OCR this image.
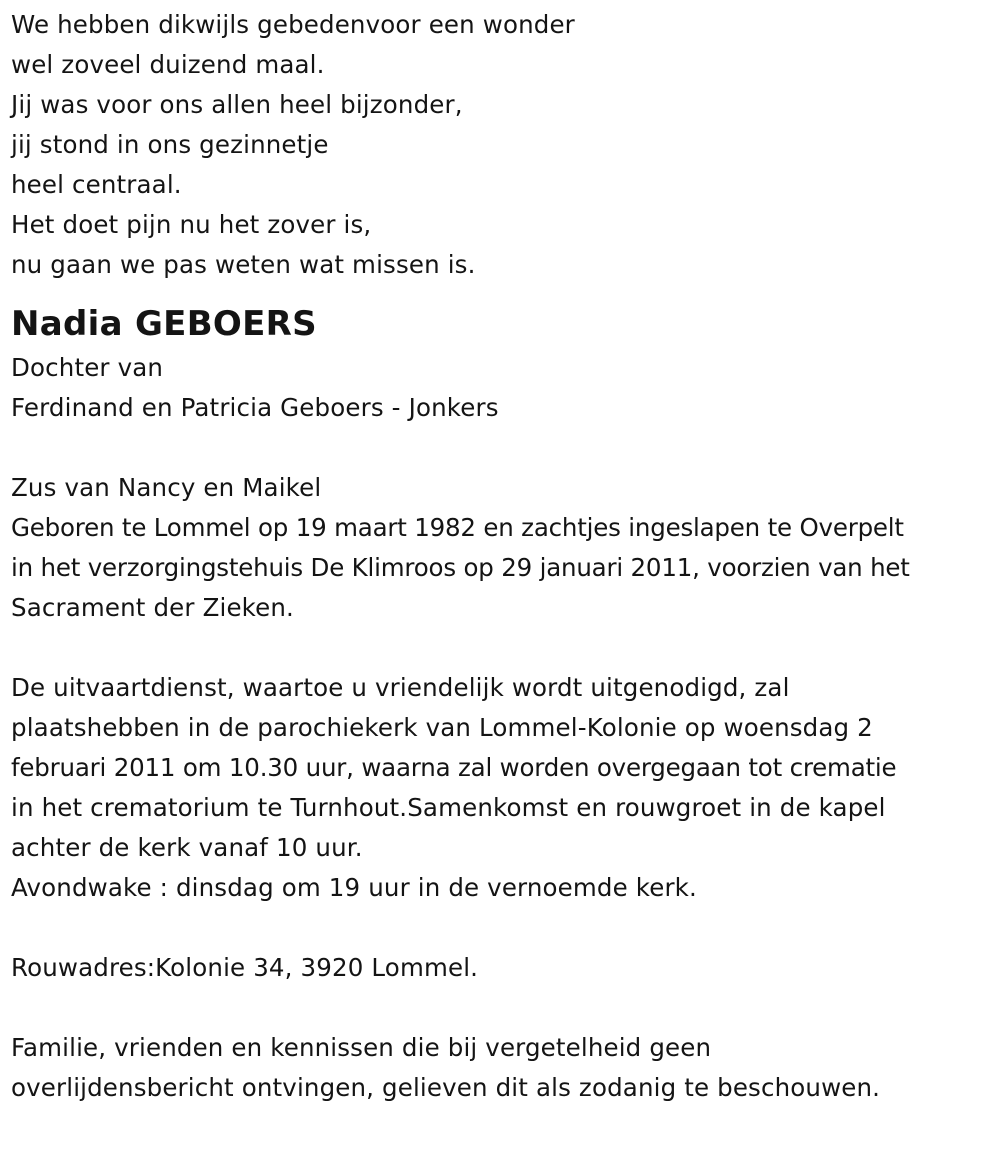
We hebben dikwijls gebedenvoor een wonder
wel zoveel duizend maal.
Jij was voor ons allen heel bijzonder,
jij stond in ons gezinnetje
heel centraal.
Het doet pijn nu het zover is,
nu gaan we pas weten wat missen is.
Nadia GEBOERS
Dochter van
Ferdinand en Patricia Geboers - Jonkers
Zus van Nancy en Maikel
Geboren te Lommel op 19 maart 1982 en zachtjes ingeslapen te Overpelt
in het verzorgingstehuis De Klimroos op 29 januari 2011, voorzien van het
Sacrament der Zieken.
De uitvaartdienst, waartoe u vriendelijk wordt uitgenodigd, zal
plaatshebben in de parochiekerk van Lommel-Kolonie op woensdag 2
februari 2011 om 10.30 uur, waarna zal worden overgegaan tot crematie
in het crematorium te Turnhout.Samenkomst en rouwgroet in de kapel
achter de kerk vanaf 10 uur.
Avondwake : dinsdag om 19 uur in de vernoemde kerk.
Rouwadres:Kolonie 34, 3920 Lommel.
Familie, vrienden en kennissen die bij vergetelheid geen
overlijdensbericht ontvingen, gelieven dit als zodanig te beschouwen.
